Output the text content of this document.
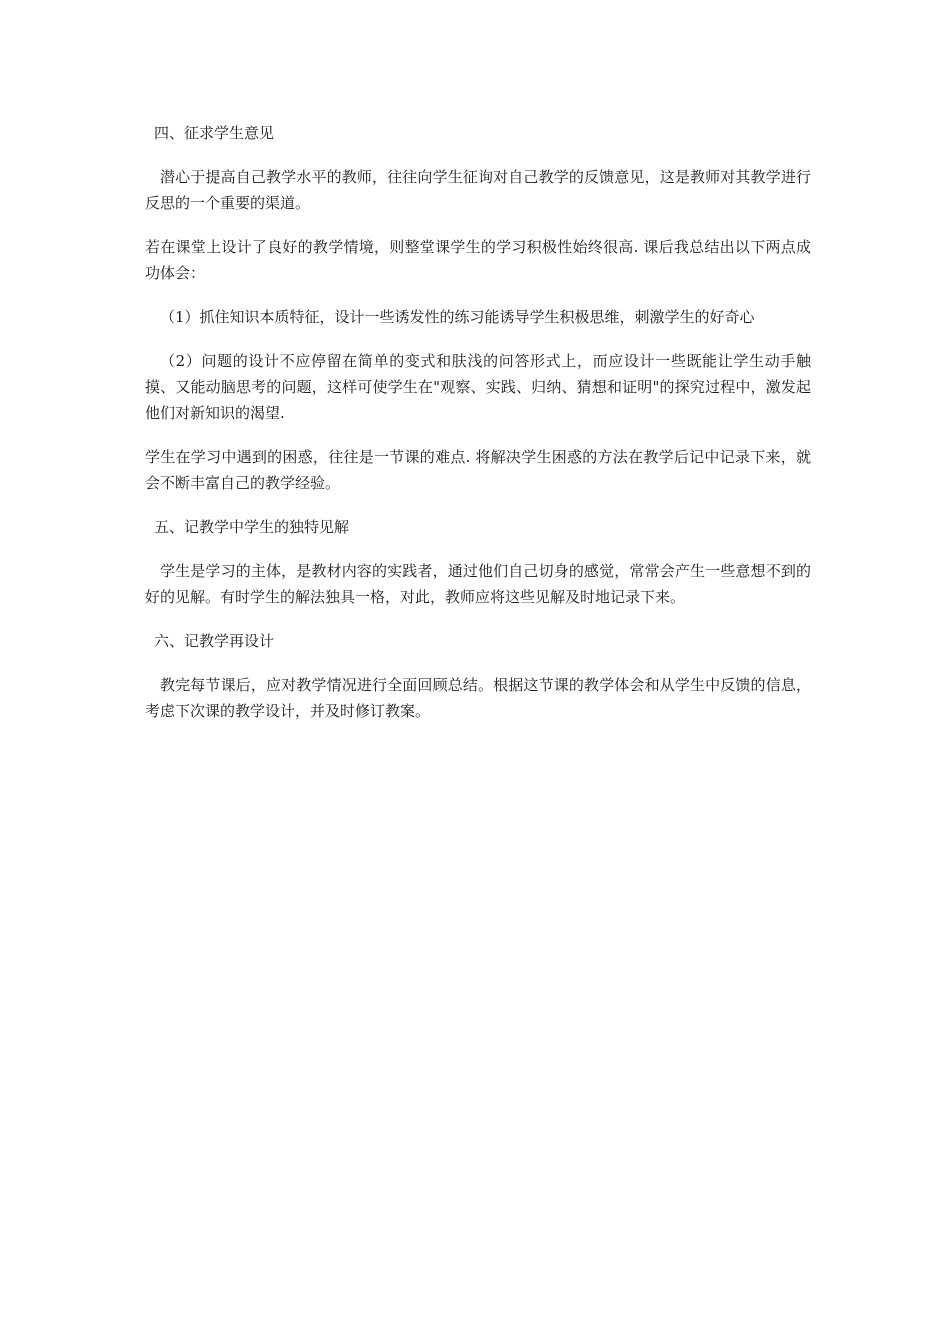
四、征求学生意见

潜心于提高自己教学水平的教师，往往向学生征询对自己教学的反馈意见，这是教师对其教学进行反思的一个重要的渠道。

若在课堂上设计了良好的教学情境，则整堂课学生的学习积极性始终很高. 课后我总结出以下两点成功体会：

（1）抓住知识本质特征，设计一些诱发性的练习能诱导学生积极思维，刺激学生的好奇心

（2）问题的设计不应停留在简单的变式和肤浅的问答形式上，而应设计一些既能让学生动手触摸、又能动脑思考的问题，这样可使学生在"观察、实践、归纳、猜想和证明"的探究过程中，激发起他们对新知识的渴望.

学生在学习中遇到的困惑，往往是一节课的难点. 将解决学生困惑的方法在教学后记中记录下来，就会不断丰富自己的教学经验。

五、记教学中学生的独特见解

学生是学习的主体，是教材内容的实践者，通过他们自己切身的感觉，常常会产生一些意想不到的好的见解。有时学生的解法独具一格，对此，教师应将这些见解及时地记录下来。

六、记教学再设计

教完每节课后，应对教学情况进行全面回顾总结。根据这节课的教学体会和从学生中反馈的信息，考虑下次课的教学设计，并及时修订教案。
